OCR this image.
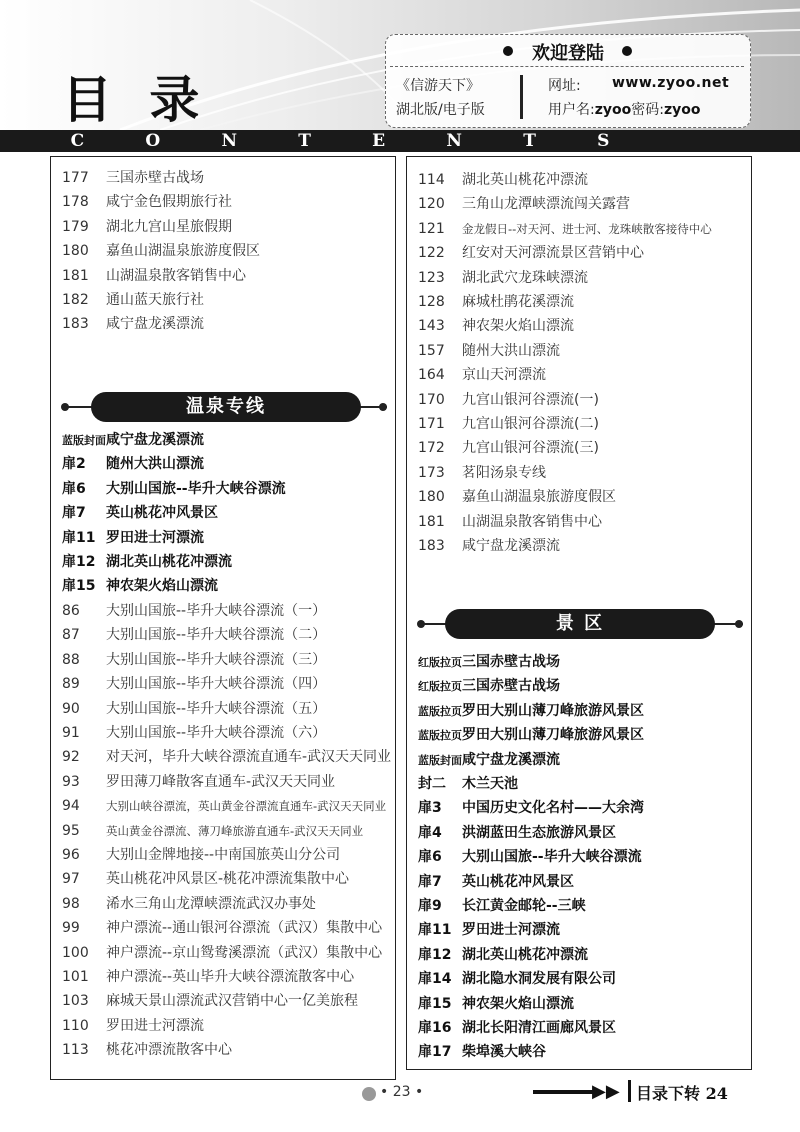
目 录
C	O	N	T	E	N	T	S
欢迎登陆
《信游天下》
湖北版/电子版
网址: www.zyoo.net
用户名:zyoo密码:zyoo
177 三国赤壁古战场
178 咸宁金色假期旅行社
179 湖北九宫山星旅假期
180 嘉鱼山湖温泉旅游度假区
181 山湖温泉散客销售中心
182 通山蓝天旅行社
183 咸宁盘龙溪漂流
温泉专线
蓝版封面咸宁盘龙溪漂流
扉2 随州大洪山漂流
扉6 大别山国旅--毕升大峡谷漂流
扉7 英山桃花冲风景区
扉11 罗田进士河漂流
扉12 湖北英山桃花冲漂流
扉15 神农架火焰山漂流
86 大别山国旅--毕升大峡谷漂流（一）
87 大别山国旅--毕升大峡谷漂流（二）
88 大别山国旅--毕升大峡谷漂流（三）
89 大别山国旅--毕升大峡谷漂流（四）
90 大别山国旅--毕升大峡谷漂流（五）
91 大别山国旅--毕升大峡谷漂流（六）
92 对天河，毕升大峡谷漂流直通车-武汉天天同业
93 罗田薄刀峰散客直通车-武汉天天同业
94 大别山峡谷漂流，英山黄金谷漂流直通车-武汉天天同业
95 英山黄金谷漂流、薄刀峰旅游直通车-武汉天天同业
96 大别山金牌地接--中南国旅英山分公司
97 英山桃花冲风景区-桃花冲漂流集散中心
98 浠水三角山龙潭峡漂流武汉办事处
99 神户漂流--通山银河谷漂流（武汉）集散中心
100 神户漂流--京山鸳鸯溪漂流（武汉）集散中心
101 神户漂流--英山毕升大峡谷漂流散客中心
103 麻城天景山漂流武汉营销中心一亿美旅程
110 罗田进士河漂流
113 桃花冲漂流散客中心
114 湖北英山桃花冲漂流
120 三角山龙潭峡漂流闯关露营
121 金龙假日--对天河、进士河、龙珠峡散客接待中心
122 红安对天河漂流景区营销中心
123 湖北武穴龙珠峡漂流
128 麻城杜鹃花溪漂流
143 神农架火焰山漂流
157 随州大洪山漂流
164 京山天河漂流
170 九宫山银河谷漂流(一)
171 九宫山银河谷漂流(二)
172 九宫山银河谷漂流(三)
173 茗阳汤泉专线
180 嘉鱼山湖温泉旅游度假区
181 山湖温泉散客销售中心
183 咸宁盘龙溪漂流
景 区
红版拉页三国赤壁古战场
红版拉页三国赤壁古战场
蓝版拉页罗田大别山薄刀峰旅游风景区
蓝版拉页罗田大别山薄刀峰旅游风景区
蓝版封面咸宁盘龙溪漂流
封二 木兰天池
扉3 中国历史文化名村——大余湾
扉4 洪湖蓝田生态旅游风景区
扉6 大别山国旅--毕升大峡谷漂流
扉7 英山桃花冲风景区
扉9 长江黄金邮轮--三峡
扉11 罗田进士河漂流
扉12 湖北英山桃花冲漂流
扉14 湖北隐水洞发展有限公司
扉15 神农架火焰山漂流
扉16 湖北长阳清江画廊风景区
扉17 柴埠溪大峡谷
• 23 •	▶▶ 目录下转 24
